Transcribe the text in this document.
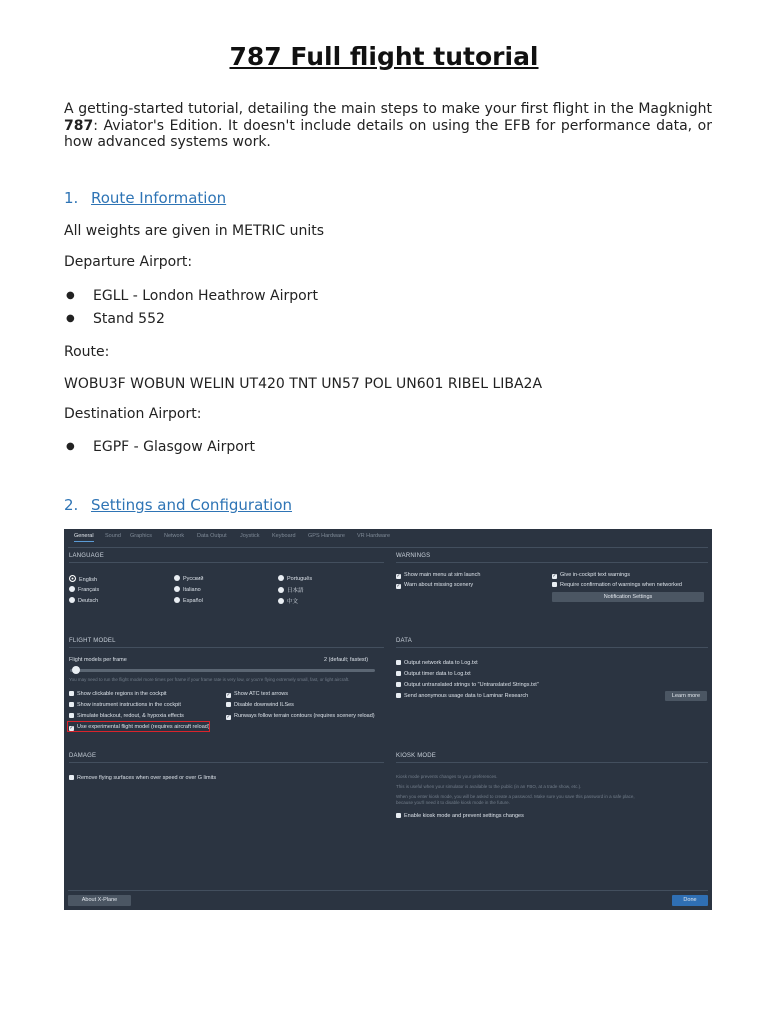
787 Full flight tutorial
A getting-started tutorial, detailing the main steps to make your first flight in the Magknight 787: Aviator's Edition. It doesn't include details on using the EFB for performance data, or how advanced systems work.
1. Route Information
All weights are given in METRIC units
Departure Airport:
● EGLL - London Heathrow Airport
● Stand 552
Route:
WOBU3F WOBUN WELIN UT420 TNT UN57 POL UN601 RIBEL LIBA2A
Destination Airport:
● EGPF - Glasgow Airport
2. Settings and Configuration
General Sound Graphics Network Data Output Joystick Keyboard GPS Hardware VR Hardware
LANGUAGE
English	Русский	Português
Français	Italiano	日本語
Deutsch	Español	中文
WARNINGS
✓ Show main menu at sim launch
✓ Warn about missing scenery
✓ Give in-cockpit text warnings
Require confirmation of warnings when networked
Notification Settings
FLIGHT MODEL
Flight models per frame	2 (default; fastest)
You may need to run the flight model more times per frame if your frame rate is very low, or you're flying extremely small, fast, or light aircraft.
Show clickable regions in the cockpit
Show instrument instructions in the cockpit
Simulate blackout, redout, & hypoxia effects
✓ Use experimental flight model (requires aircraft reload)
✓ Show ATC text arrows
Disable downwind ILSes
✓ Runways follow terrain contours (requires scenery reload)
DATA
Output network data to Log.txt
Output timer data to Log.txt
Output untranslated strings to "Untranslated Strings.txt"
Send anonymous usage data to Laminar Research	Learn more
DAMAGE
Remove flying surfaces when over speed or over G limits
KIOSK MODE
Kiosk mode prevents changes to your preferences.
This is useful when your simulator is available to the public (in an FBO, at a trade show, etc.).
When you enter kiosk mode, you will be asked to create a password. Make sure you save this password in a safe place,
because you'll need it to disable kiosk mode in the future.
Enable kiosk mode and prevent settings changes
About X-Plane	Done
